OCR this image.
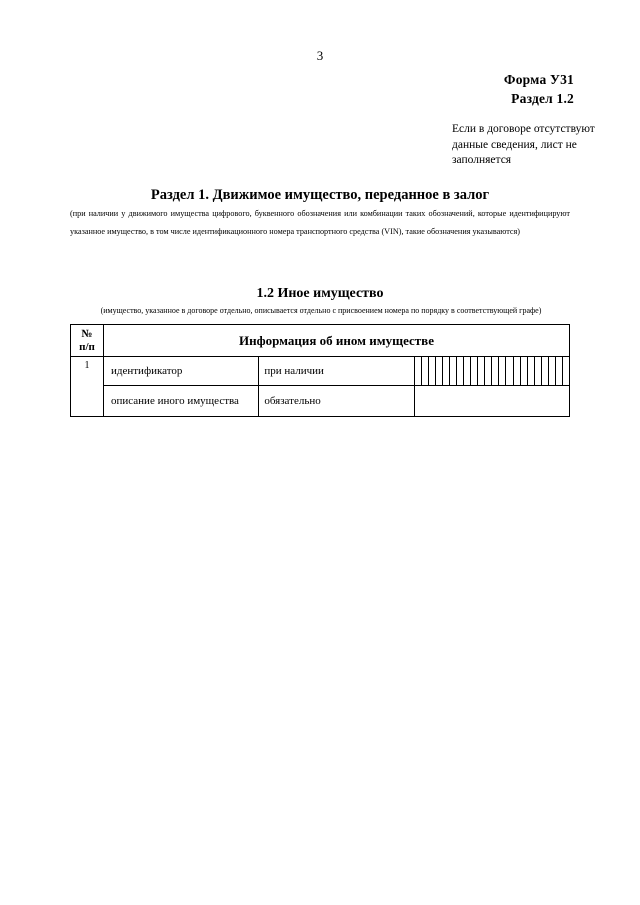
3
Форма У31
Раздел 1.2
Если в договоре отсутствуют данные сведения, лист не заполняется
Раздел 1. Движимое имущество, переданное в залог
(при наличии у движимого имущества цифрового, буквенного обозначения или комбинации таких обозначений, которые идентифицируют указанное имущество, в том числе идентификационного номера транспортного средства (VIN), такие обозначения указываются)
1.2 Иное имущество
(имущество, указанное в договоре отдельно, описывается отдельно с присвоением номера по порядку в соответствующей графе)
№
п/п	Информация об ином имуществе		
1	идентификатор	при наличии	

	описание иного имущества	обязательно	
